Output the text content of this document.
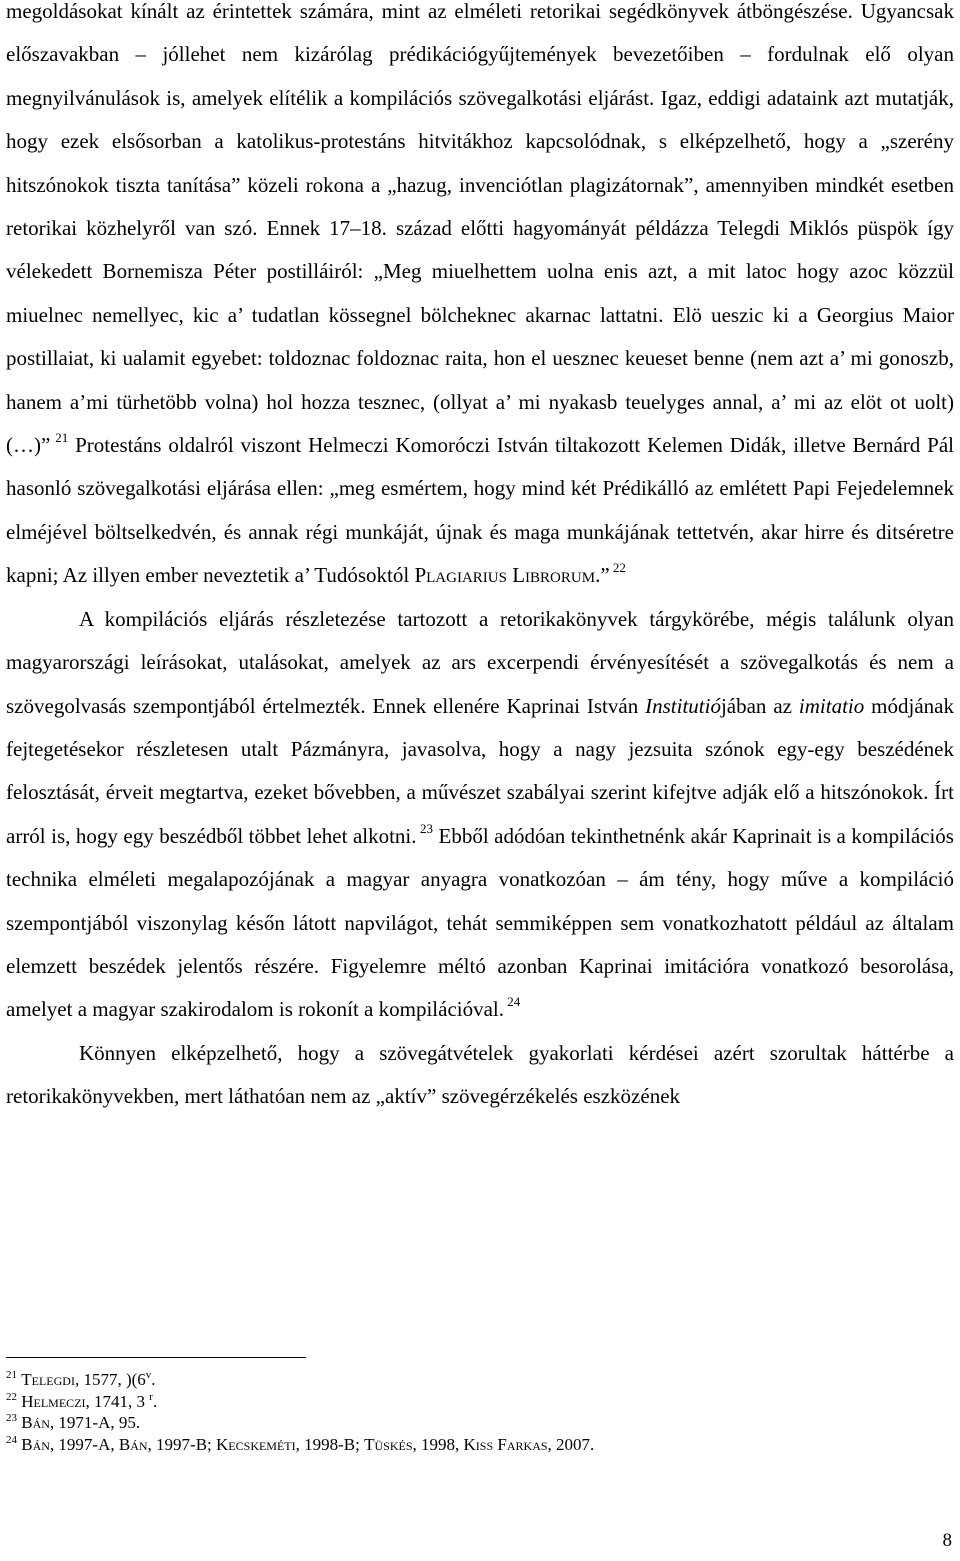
megoldásokat kínált az érintettek számára, mint az elméleti retorikai segédkönyvek átböngészése. Ugyancsak előszavakban – jóllehet nem kizárólag prédikációgyűjtemények bevezetőiben – fordulnak elő olyan megnyilvánulások is, amelyek elítélik a kompilációs szövegalkotási eljárást. Igaz, eddigi adataink azt mutatják, hogy ezek elsősorban a katolikus-protestáns hitvitákhoz kapcsolódnak, s elképzelhető, hogy a „szerény hitszónokok tiszta tanítása” közeli rokona a „hazug, invenciótlan plagizátornak”, amennyiben mindkét esetben retorikai közhelyről van szó. Ennek 17–18. század előtti hagyományát példázza Telegdi Miklós püspök így vélekedett Bornemisza Péter postilláiról: „Meg miuelhettem uolna enis azt, a mit latoc hogy azoc közzül miuelnec nemellyec, kic a’ tudatlan kössegnel bölcheknec akarnac lattatni. Elö ueszic ki a Georgius Maior postillaiat, ki ualamit egyebet: toldoznac foldoznac raita, hon el uesznec keueset benne (nem azt a’ mi gonoszb, hanem a’mi türhetöbb volna) hol hozza tesznec, (ollyat a’ mi nyakasb teuelyges annal, a’ mi az elöt ot uolt) (…)” $^{21}$ Protestáns oldalról viszont Helmeczi Komoróczi István tiltakozott Kelemen Didák, illetve Bernárd Pál hasonló szövegalkotási eljárása ellen: „meg esmértem, hogy mind két Prédikálló az emlétett Papi Fejedelemnek elméjével böltselkedvén, és annak régi munkáját, újnak és maga munkájának tettetvén, akar hirre és ditséretre kapni; Az illyen ember neveztetik a’ Tudósoktól Plagiarius Librorum.” $^{22}$

A kompilációs eljárás részletezése tartozott a retorikakönyvek tárgykörébe, mégis találunk olyan magyarországi leírásokat, utalásokat, amelyek az ars excerpendi érvényesítését a szövegalkotás és nem a szövegolvasás szempontjából értelmezték. Ennek ellenére Kaprinai István Institutiójában az imitatio módjának fejtegetésekor részletesen utalt Pázmányra, javasolva, hogy a nagy jezsuita szónok egy-egy beszédének felosztását, érveit megtartva, ezeket bővebben, a művészet szabályai szerint kifejtve adják elő a hitszónokok. Írt arról is, hogy egy beszédből többet lehet alkotni. $^{23}$ Ebből adódóan tekinthetnénk akár Kaprinait is a kompilációs technika elméleti megalapozójának a magyar anyagra vonatkozóan – ám tény, hogy műve a kompiláció szempontjából viszonylag későn látott napvilágot, tehát semmiképpen sem vonatkozhatott például az általam elemzett beszédek jelentős részére. Figyelemre méltó azonban Kaprinai imitációra vonatkozó besorolása, amelyet a magyar szakirodalom is rokonít a kompilációval. $^{24}$

Könnyen elképzelhető, hogy a szövegátvételek gyakorlati kérdései azért szorultak háttérbe a retorikakönyvekben, mert láthatóan nem az „aktív” szövegérzékelés eszközének

$^{21}$ Telegdi, 1577, )(6$^v$.

$^{22}$ Helmeczi, 1741, 3 $^r$.

$^{23}$ Bán, 1971-A, 95.

$^{24}$ Bán, 1997-A, Bán, 1997-B; Kecskeméti, 1998-B; Tüskés, 1998, Kiss Farkas, 2007.

8
